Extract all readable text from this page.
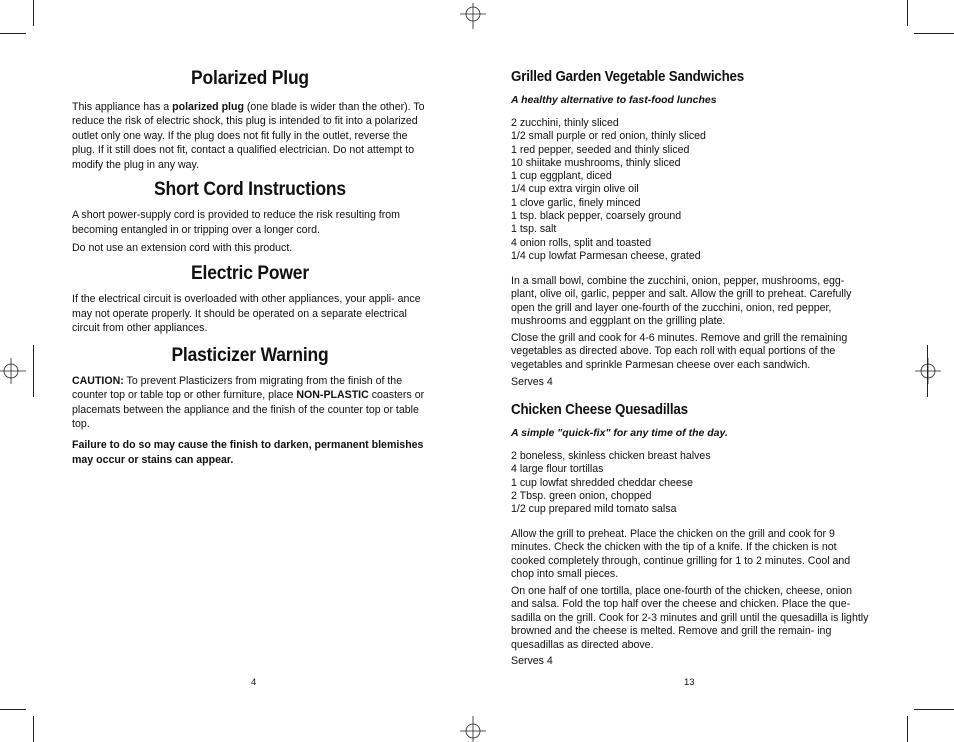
Polarized Plug

This appliance has a polarized plug (one blade is wider than the other). To reduce the risk of electric shock, this plug is intended to fit into a polarized outlet only one way. If the plug does not fit fully in the outlet, reverse the plug. If it still does not fit, contact a qualified electrician. Do not attempt to modify the plug in any way.

Short Cord Instructions

A short power-supply cord is provided to reduce the risk resulting from becoming entangled in or tripping over a longer cord.

Do not use an extension cord with this product.

Electric Power

If the electrical circuit is overloaded with other appliances, your appli- ance may not operate properly. It should be operated on a separate electrical circuit from other appliances.

Plasticizer Warning

CAUTION: To prevent Plasticizers from migrating from the finish of the counter top or table top or other furniture, place NON-PLASTIC coasters or placemats between the appliance and the finish of the counter top or table top.

Failure to do so may cause the finish to darken, permanent blemishes may occur or stains can appear.

4
Grilled Garden Vegetable Sandwiches
A healthy alternative to fast-food lunches
2 zucchini, thinly sliced
1/2 small purple or red onion, thinly sliced
1 red pepper, seeded and thinly sliced
10 shiitake mushrooms, thinly sliced
1 cup eggplant, diced
1/4 cup extra virgin olive oil
1 clove garlic, finely minced
1 tsp. black pepper, coarsely ground
1 tsp. salt
4 onion rolls, split and toasted
1/4 cup lowfat Parmesan cheese, grated

In a small bowl, combine the zucchini, onion, pepper, mushrooms, egg- plant, olive oil, garlic, pepper and salt. Allow the grill to preheat. Carefully open the grill and layer one-fourth of the zucchini, onion, red pepper, mushrooms and eggplant on the grilling plate.

Close the grill and cook for 4-6 minutes. Remove and grill the remaining vegetables as directed above. Top each roll with equal portions of the vegetables and sprinkle Parmesan cheese over each sandwich.

Serves 4
Chicken Cheese Quesadillas
A simple "quick-fix" for any time of the day.
2 boneless, skinless chicken breast halves
4 large flour tortillas
1 cup lowfat shredded cheddar cheese
2 Tbsp. green onion, chopped
1/2 cup prepared mild tomato salsa

Allow the grill to preheat. Place the chicken on the grill and cook for 9 minutes. Check the chicken with the tip of a knife. If the chicken is not cooked completely through, continue grilling for 1 to 2 minutes. Cool and chop into small pieces.

On one half of one tortilla, place one-fourth of the chicken, cheese, onion and salsa. Fold the top half over the cheese and chicken. Place the que- sadilla on the grill. Cook for 2-3 minutes and grill until the quesadilla is lightly browned and the cheese is melted. Remove and grill the remain- ing quesadillas as directed above.

Serves 4
13
